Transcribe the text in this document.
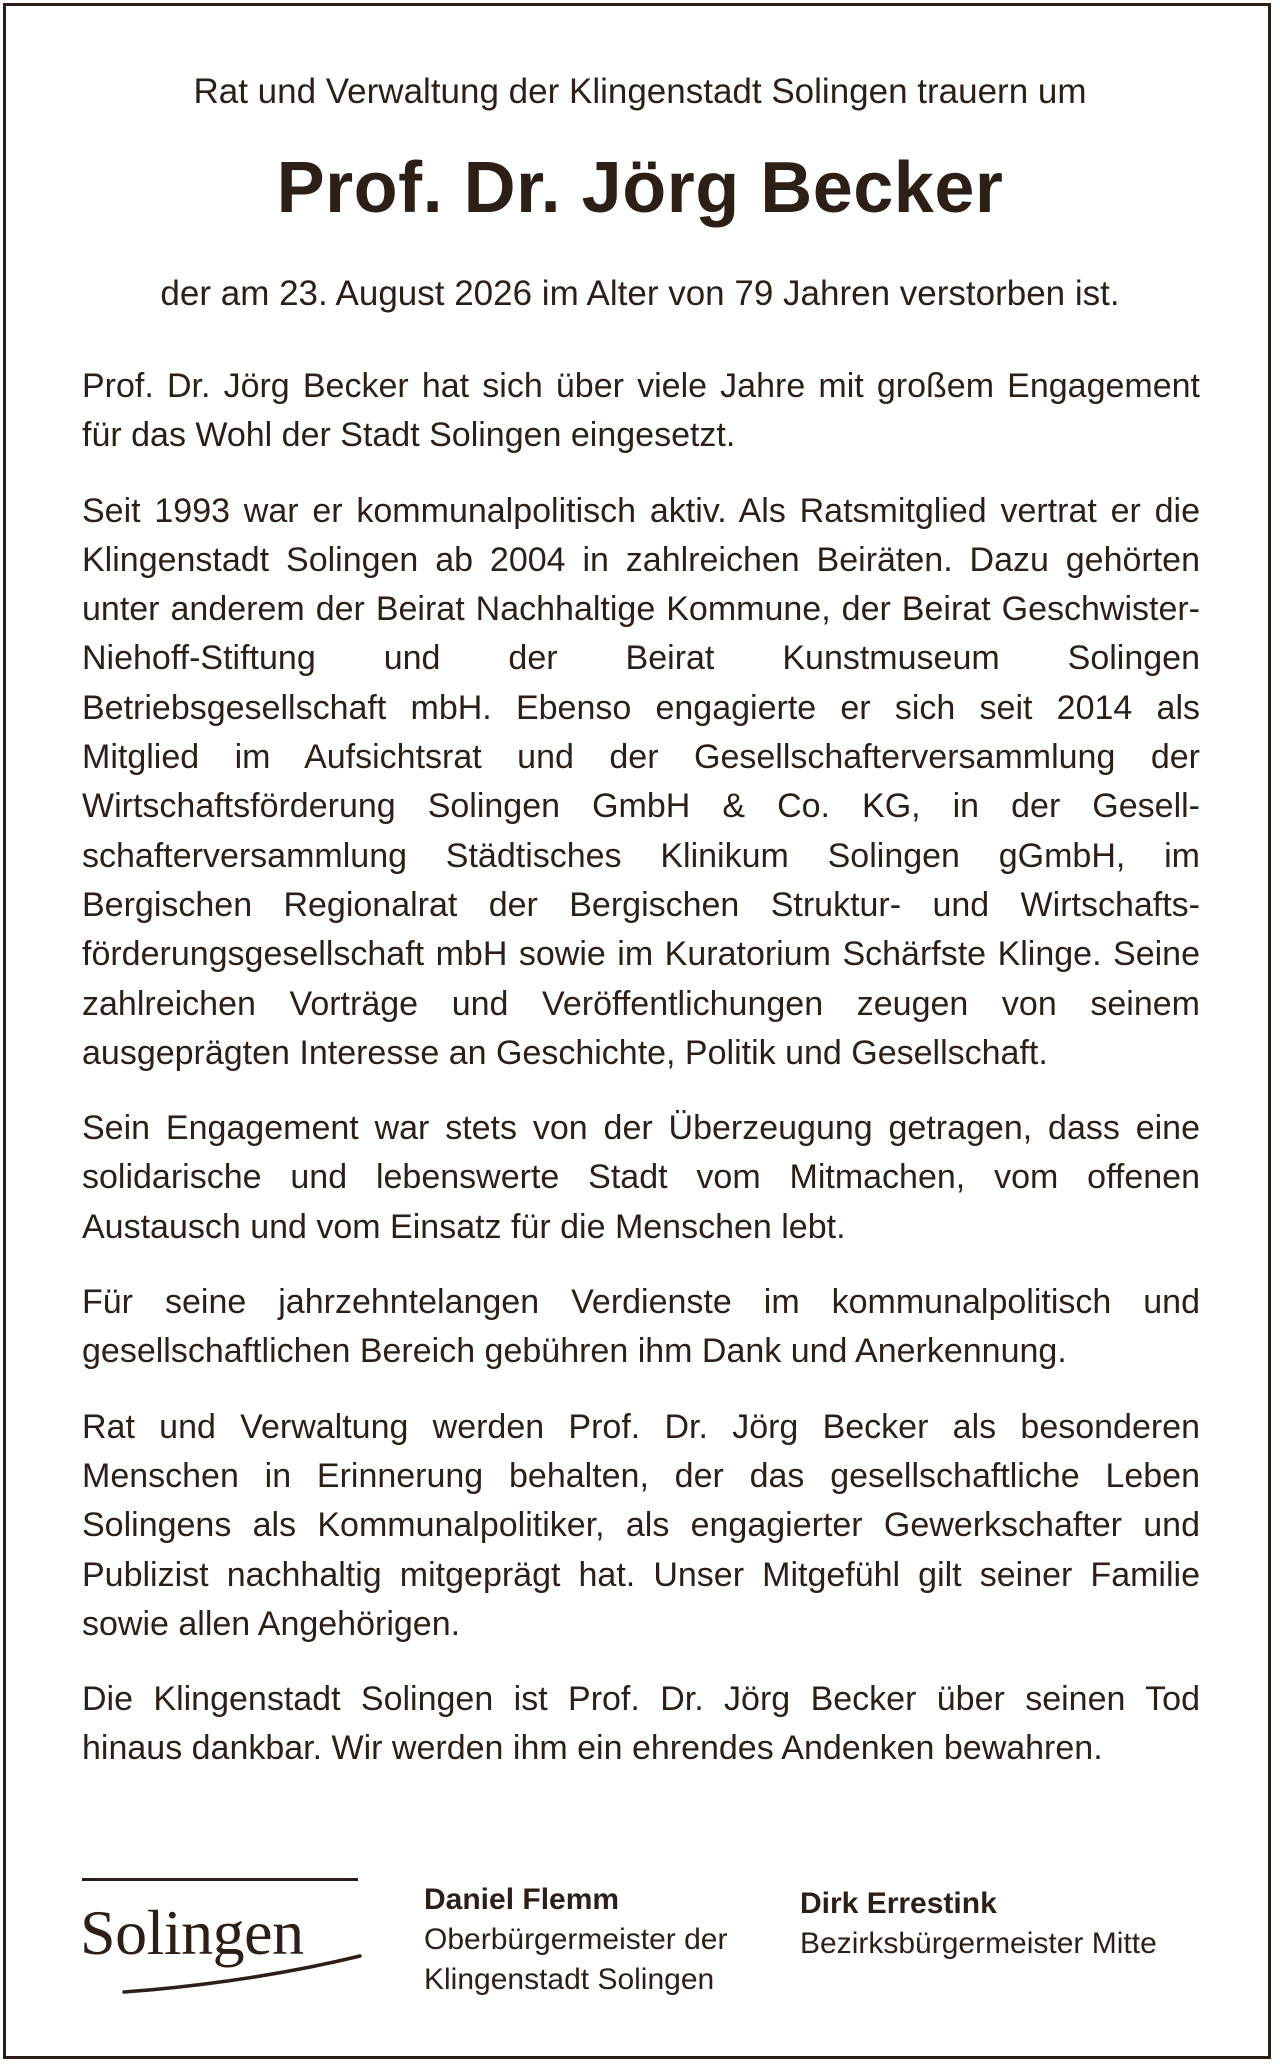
Rat und Verwaltung der Klingenstadt Solingen trauern um
Prof. Dr. Jörg Becker
der am 23. August 2026 im Alter von 79 Jahren verstorben ist.

Prof. Dr. Jörg Becker hat sich über viele Jahre mit großem Engagement für das Wohl der Stadt Solingen eingesetzt.

Seit 1993 war er kommunalpolitisch aktiv. Als Ratsmitglied vertrat er die Klingenstadt Solingen ab 2004 in zahlreichen Beiräten. Dazu gehörten unter anderem der Beirat Nachhaltige Kommune, der Beirat Geschwister-Niehoff-Stiftung und der Beirat Kunstmuseum Solingen Betriebsgesellschaft mbH. Ebenso engagierte er sich seit 2014 als Mitglied im Aufsichtsrat und der Gesellschafterversammlung der Wirtschaftsförderung Solingen GmbH & Co. KG, in der Gesellschafterversammlung Städtisches Klinikum Solingen gGmbH, im Bergischen Regionalrat der Bergischen Struktur- und Wirtschaftsförderungsgesellschaft mbH sowie im Kuratorium Schärfste Klinge. Seine zahlreichen Vorträge und Veröffentlichungen zeugen von seinem ausgeprägten Interesse an Geschichte, Politik und Gesellschaft.

Sein Engagement war stets von der Überzeugung getragen, dass eine solidarische und lebenswerte Stadt vom Mitmachen, vom offenen Austausch und vom Einsatz für die Menschen lebt.

Für seine jahrzehntelangen Verdienste im kommunalpolitisch und gesellschaftlichen Bereich gebühren ihm Dank und Anerkennung.

Rat und Verwaltung werden Prof. Dr. Jörg Becker als besonderen Menschen in Erinnerung behalten, der das gesellschaftliche Leben Solingens als Kommunalpolitiker, als engagierter Gewerkschafter und Publizist nachhaltig mitgeprägt hat. Unser Mitgefühl gilt seiner Familie sowie allen Angehörigen.

Die Klingenstadt Solingen ist Prof. Dr. Jörg Becker über seinen Tod hinaus dankbar. Wir werden ihm ein ehrendes Andenken bewahren.

Solingen	Daniel Flemm
Oberbürgermeister der
Klingenstadt Solingen
Dirk Errestink
Bezirksbürgermeister Mitte
